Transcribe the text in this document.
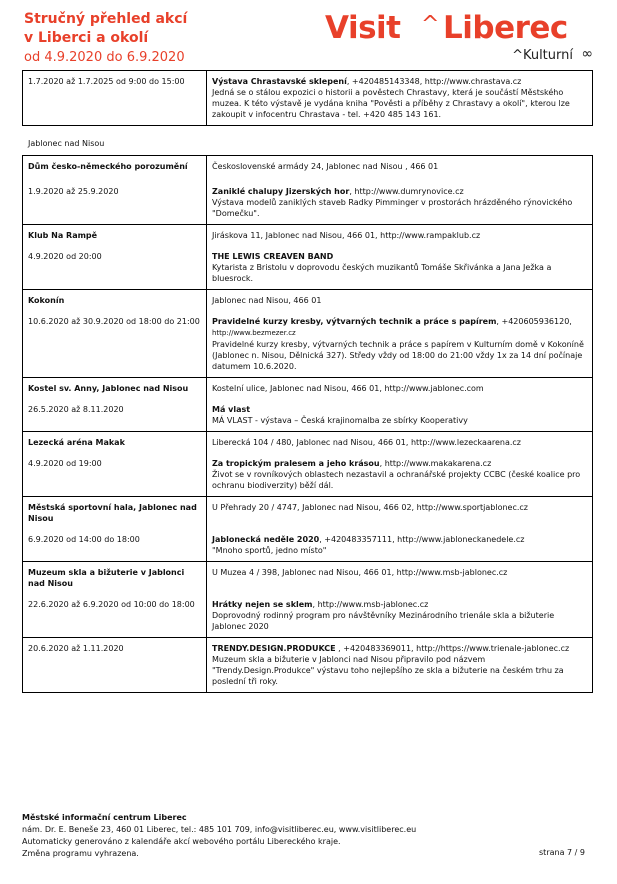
Stručný přehled akcí
v Liberci a okolí
od 4.9.2020 do 6.9.2020
Visit ^ Liberec
^Kulturní ∞
1.7.2020 až 1.7.2025 od 9:00 do 15:00	Výstava Chrastavské sklepení, +420485143348, http://www.chrastava.cz
Jedná se o stálou expozici o historii a pověstech Chrastavy, která je součástí Městského muzea. K této výstavě je vydána kniha "Pověsti a příběhy z Chrastavy a okolí", kterou lze zakoupit v infocentru Chrastava - tel. +420 485 143 161.
Jablonec nad Nisou
Dům česko-německého porozumění	Československé armády 24, Jablonec nad Nisou , 466 01
1.9.2020 až 25.9.2020	Zaniklé chalupy Jizerských hor, http://www.dumrynovice.cz
Výstava modelů zaniklých staveb Radky Pimminger v prostorách hrázděného rýnovického "Domečku".
Klub Na Rampě	Jiráskova 11, Jablonec nad Nisou, 466 01, http://www.rampaklub.cz
4.9.2020 od 20:00	THE LEWIS CREAVEN BAND
Kytarista z Bristolu v doprovodu českých muzikantů Tomáše Skřivánka a Jana Ježka a bluesrock.
Kokonín	Jablonec nad Nisou, 466 01
10.6.2020 až 30.9.2020 od 18:00 do 21:00	Pravidelné kurzy kresby, výtvarných technik a práce s papírem, +420605936120,
http://www.bezmezer.cz
Pravidelné kurzy kresby, výtvarných technik a práce s papírem v Kulturním domě v Kokoníně (Jablonec n. Nisou, Dělnická 327). Středy vždy od 18:00 do 21:00 vždy 1x za 14 dní počínaje datumem 10.6.2020.
Kostel sv. Anny, Jablonec nad Nisou	Kostelní ulice, Jablonec nad Nisou, 466 01, http://www.jablonec.com
26.5.2020 až 8.11.2020	Má vlast
MÁ VLAST - výstava – Česká krajinomalba ze sbírky Kooperativy
Lezecká aréna Makak	Liberecká 104 / 480, Jablonec nad Nisou, 466 01, http://www.lezeckaarena.cz
4.9.2020 od 19:00	Za tropickým pralesem a jeho krásou, http://www.makakarena.cz
Život se v rovníkových oblastech nezastavil a ochranářské projekty CCBC (české koalice pro ochranu biodiverzity) běží dál.
Městská sportovní hala, Jablonec nad Nisou	U Přehrady 20 / 4747, Jablonec nad Nisou, 466 02, http://www.sportjablonec.cz
6.9.2020 od 14:00 do 18:00	Jablonecká neděle 2020, +420483357111, http://www.jabloneckanedele.cz
"Mnoho sportů, jedno místo"
Muzeum skla a bižuterie v Jablonci nad Nisou	U Muzea 4 / 398, Jablonec nad Nisou, 466 01, http://www.msb-jablonec.cz
22.6.2020 až 6.9.2020 od 10:00 do 18:00	Hrátky nejen se sklem, http://www.msb-jablonec.cz
Doprovodný rodinný program pro návštěvníky Mezinárodního trienále skla a bižuterie Jablonec 2020
20.6.2020 až 1.11.2020	TRENDY.DESIGN.PRODUKCE , +420483369011, http://https://www.trienale-jablonec.cz
Muzeum skla a bižuterie v Jablonci nad Nisou připravilo pod názvem "Trendy.Design.Produkce" výstavu toho nejlepšího ze skla a bižuterie na českém trhu za poslední tři roky.
Městské informační centrum Liberec
nám. Dr. E. Beneše 23, 460 01 Liberec, tel.: 485 101 709, info@visitliberec.eu, www.visitliberec.eu
Automaticky generováno z kalendáře akcí webového portálu Libereckého kraje.
Změna programu vyhrazena.	strana 7 / 9
